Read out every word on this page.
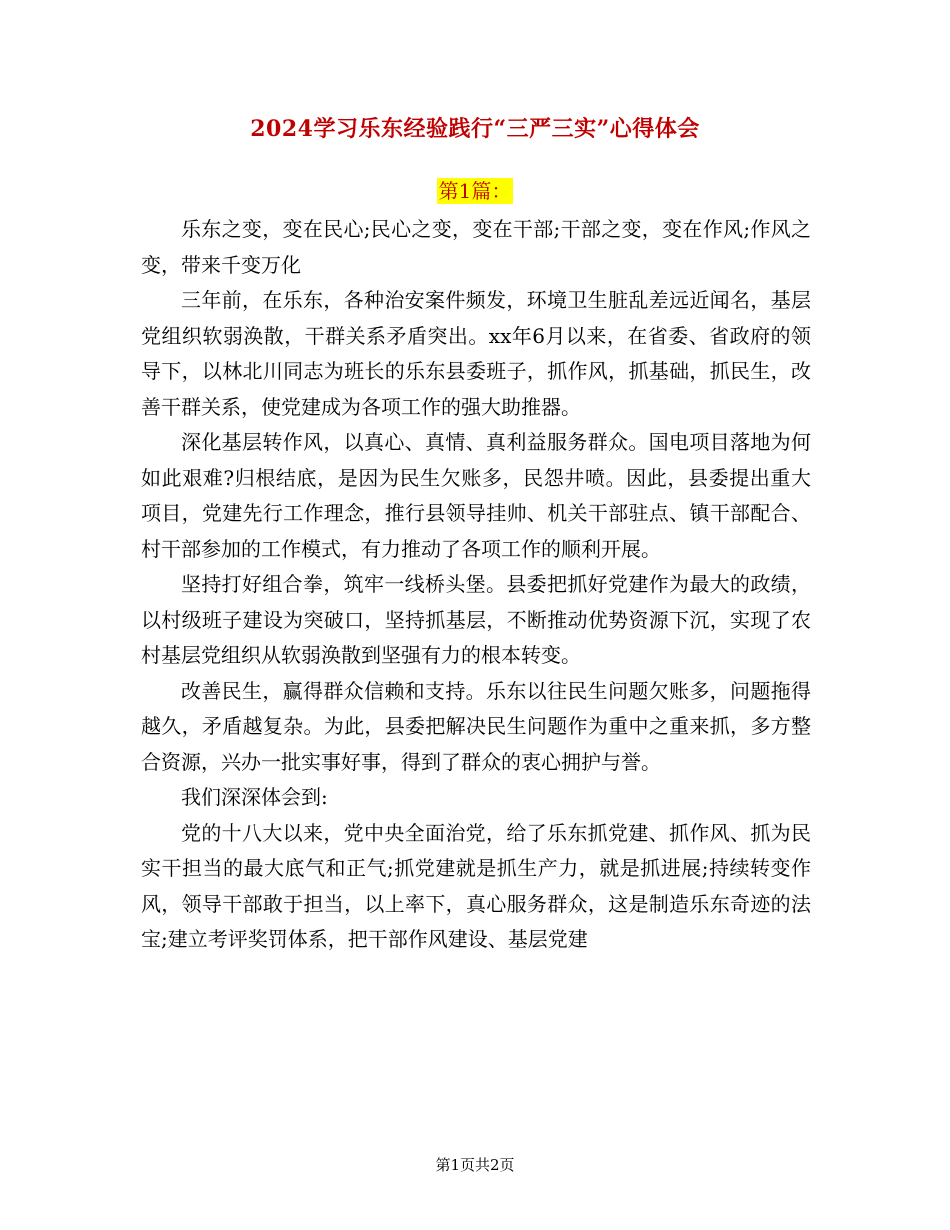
2024学习乐东经验践行“三严三实”心得体会
第1篇：

乐东之变，变在民心;民心之变，变在干部;干部之变，变在作风;作风之变，带来千变万化

三年前，在乐东，各种治安案件频发，环境卫生脏乱差远近闻名，基层党组织软弱涣散，干群关系矛盾突出。xx年6月以来，在省委、省政府的领导下，以林北川同志为班长的乐东县委班子，抓作风，抓基础，抓民生，改善干群关系，使党建成为各项工作的强大助推器。

深化基层转作风，以真心、真情、真利益服务群众。国电项目落地为何如此艰难?归根结底，是因为民生欠账多，民怨井喷。因此，县委提出重大项目，党建先行工作理念，推行县领导挂帅、机关干部驻点、镇干部配合、村干部参加的工作模式，有力推动了各项工作的顺利开展。

坚持打好组合拳，筑牢一线桥头堡。县委把抓好党建作为最大的政绩，以村级班子建设为突破口，坚持抓基层，不断推动优势资源下沉，实现了农村基层党组织从软弱涣散到坚强有力的根本转变。

改善民生，赢得群众信赖和支持。乐东以往民生问题欠账多，问题拖得越久，矛盾越复杂。为此，县委把解决民生问题作为重中之重来抓，多方整合资源，兴办一批实事好事，得到了群众的衷心拥护与誉。

我们深深体会到:

党的十八大以来，党中央全面治党，给了乐东抓党建、抓作风、抓为民实干担当的最大底气和正气;抓党建就是抓生产力，就是抓进展;持续转变作风，领导干部敢于担当，以上率下，真心服务群众，这是制造乐东奇迹的法宝;建立考评奖罚体系，把干部作风建设、基层党建

第1页共2页
